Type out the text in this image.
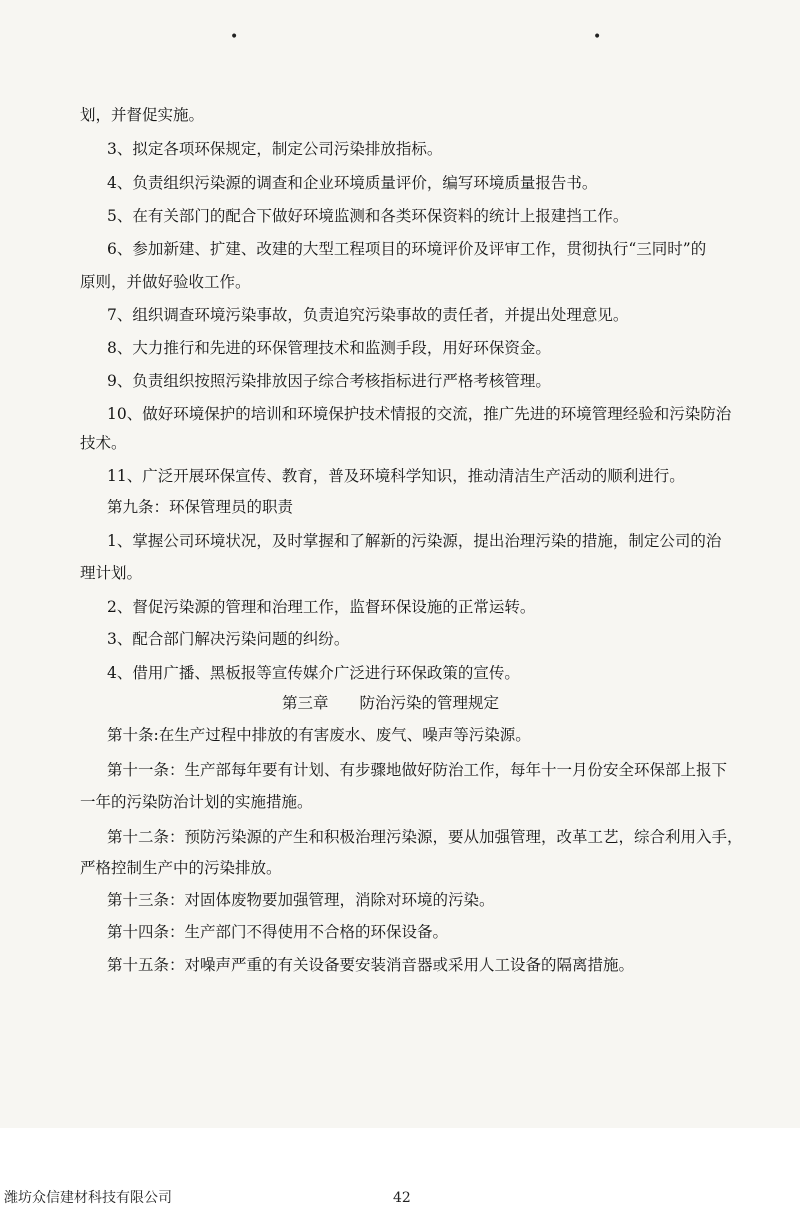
•	•
划，并督促实施。
3、拟定各项环保规定，制定公司污染排放指标。
4、负责组织污染源的调查和企业环境质量评价，编写环境质量报告书。
5、在有关部门的配合下做好环境监测和各类环保资料的统计上报建挡工作。
6、参加新建、扩建、改建的大型工程项目的环境评价及评审工作，贯彻执行“三同时”的
原则，并做好验收工作。
7、组织调查环境污染事故，负责追究污染事故的责任者，并提出处理意见。
8、大力推行和先进的环保管理技术和监测手段，用好环保资金。
9、负责组织按照污染排放因子综合考核指标进行严格考核管理。
10、做好环境保护的培训和环境保护技术情报的交流，推广先进的环境管理经验和污染防治
技术。
11、广泛开展环保宣传、教育，普及环境科学知识，推动清洁生产活动的顺利进行。
第九条：环保管理员的职责
1、掌握公司环境状况，及时掌握和了解新的污染源，提出治理污染的措施，制定公司的治
理计划。
2、督促污染源的管理和治理工作，监督环保设施的正常运转。
3、配合部门解决污染问题的纠纷。
4、借用广播、黑板报等宣传媒介广泛进行环保政策的宣传。
第三章　　防治污染的管理规定
第十条:在生产过程中排放的有害废水、废气、噪声等污染源。
第十一条：生产部每年要有计划、有步骤地做好防治工作，每年十一月份安全环保部上报下
一年的污染防治计划的实施措施。
第十二条：预防污染源的产生和积极治理污染源，要从加强管理，改革工艺，综合利用入手，
严格控制生产中的污染排放。
第十三条：对固体废物要加强管理，消除对环境的污染。
第十四条：生产部门不得使用不合格的环保设备。
第十五条：对噪声严重的有关设备要安装消音器或采用人工设备的隔离措施。
潍坊众信建材科技有限公司	42
